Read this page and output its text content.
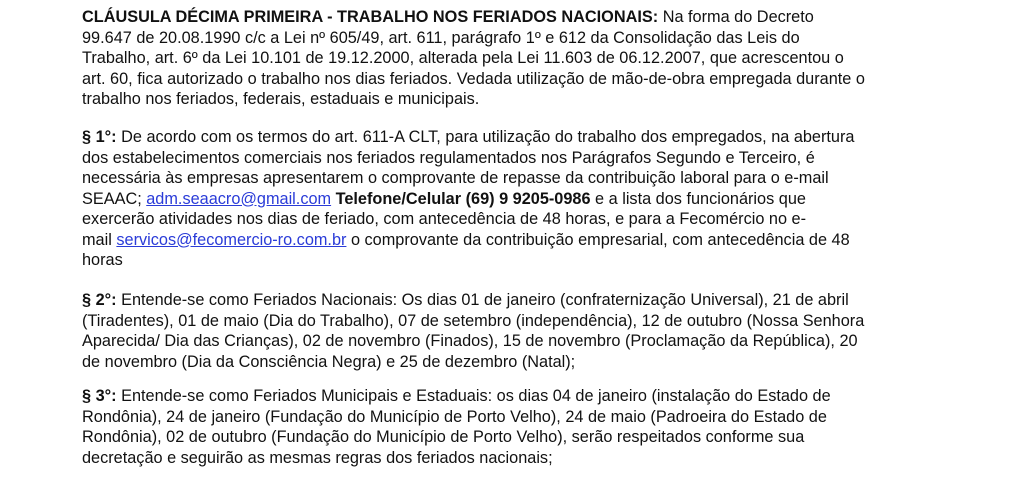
CLÁUSULA DÉCIMA PRIMEIRA - TRABALHO NOS FERIADOS NACIONAIS: Na forma do Decreto
99.647 de 20.08.1990 c/c a Lei nº 605/49, art. 611, parágrafo 1º e 612 da Consolidação das Leis do
Trabalho, art. 6º da Lei 10.101 de 19.12.2000, alterada pela Lei 11.603 de 06.12.2007, que acrescentou o
art. 60, fica autorizado o trabalho nos dias feriados. Vedada utilização de mão-de-obra empregada durante o
trabalho nos feriados, federais, estaduais e municipais.
§ 1°: De acordo com os termos do art. 611-A CLT, para utilização do trabalho dos empregados, na abertura
dos estabelecimentos comerciais nos feriados regulamentados nos Parágrafos Segundo e Terceiro, é
necessária às empresas apresentarem o comprovante de repasse da contribuição laboral para o e-mail
SEAAC; adm.seaacro@gmail.com Telefone/Celular (69) 9 9205-0986 e a lista dos funcionários que
exercerão atividades nos dias de feriado, com antecedência de 48 horas, e para a Fecomércio no e-
mail servicos@fecomercio-ro.com.br o comprovante da contribuição empresarial, com antecedência de 48
horas
§ 2°: Entende-se como Feriados Nacionais: Os dias 01 de janeiro (confraternização Universal), 21 de abril
(Tiradentes), 01 de maio (Dia do Trabalho), 07 de setembro (independência), 12 de outubro (Nossa Senhora
Aparecida/ Dia das Crianças), 02 de novembro (Finados), 15 de novembro (Proclamação da República), 20
de novembro (Dia da Consciência Negra) e 25 de dezembro (Natal);
§ 3°: Entende-se como Feriados Municipais e Estaduais: os dias 04 de janeiro (instalação do Estado de
Rondônia), 24 de janeiro (Fundação do Município de Porto Velho), 24 de maio (Padroeira do Estado de
Rondônia), 02 de outubro (Fundação do Município de Porto Velho), serão respeitados conforme sua
decretação e seguirão as mesmas regras dos feriados nacionais;
